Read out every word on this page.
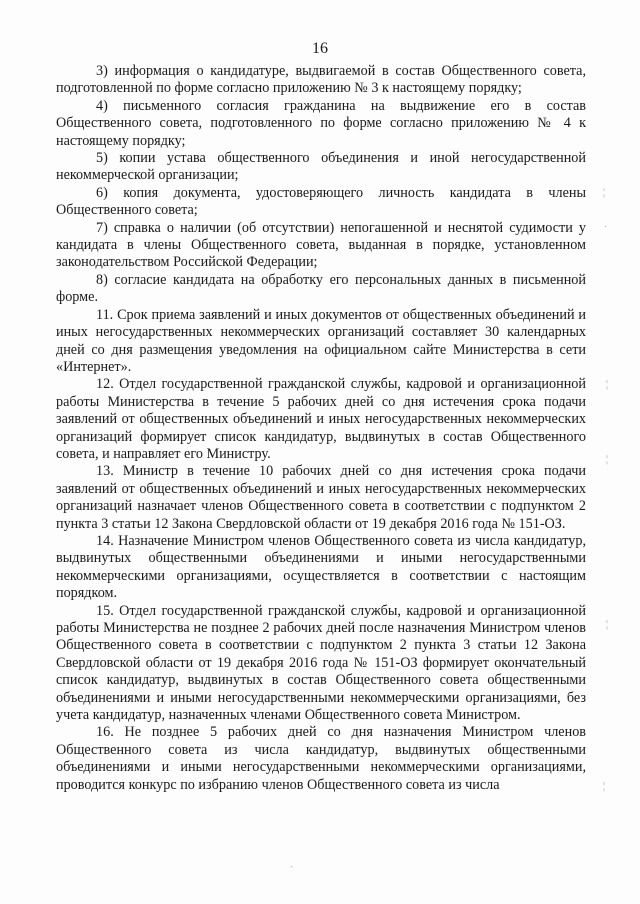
16

3) информация о кандидатуре, выдвигаемой в состав Общественного совета, подготовленной по форме согласно приложению № 3 к настоящему порядку;

4) письменного согласия гражданина на выдвижение его в состав Общественного совета, подготовленного по форме согласно приложению № 4 к настоящему порядку;

5) копии устава общественного объединения и иной негосударственной некоммерческой организации;

6) копия документа, удостоверяющего личность кандидата в члены Общественного совета;

7) справка о наличии (об отсутствии) непогашенной и неснятой судимости у кандидата в члены Общественного совета, выданная в порядке, установленном законодательством Российской Федерации;

8) согласие кандидата на обработку его персональных данных в письменной форме.

11. Срок приема заявлений и иных документов от общественных объединений и иных негосударственных некоммерческих организаций составляет 30 календарных дней со дня размещения уведомления на официальном сайте Министерства в сети «Интернет».

12. Отдел государственной гражданской службы, кадровой и организационной работы Министерства в течение 5 рабочих дней со дня истечения срока подачи заявлений от общественных объединений и иных негосударственных некоммерческих организаций формирует список кандидатур, выдвинутых в состав Общественного совета, и направляет его Министру.

13. Министр в течение 10 рабочих дней со дня истечения срока подачи заявлений от общественных объединений и иных негосударственных некоммерческих организаций назначает членов Общественного совета в соответствии с подпунктом 2 пункта 3 статьи 12 Закона Свердловской области от 19 декабря 2016 года № 151-ОЗ.

14. Назначение Министром членов Общественного совета из числа кандидатур, выдвинутых общественными объединениями и иными негосударственными некоммерческими организациями, осуществляется в соответствии с настоящим порядком.

15. Отдел государственной гражданской службы, кадровой и организационной работы Министерства не позднее 2 рабочих дней после назначения Министром членов Общественного совета в соответствии с подпунктом 2 пункта 3 статьи 12 Закона Свердловской области от 19 декабря 2016 года № 151-ОЗ формирует окончательный список кандидатур, выдвинутых в состав Общественного совета общественными объединениями и иными негосударственными некоммерческими организациями, без учета кандидатур, назначенных членами Общественного совета Министром.

16. Не позднее 5 рабочих дней со дня назначения Министром членов Общественного совета из числа кандидатур, выдвинутых общественными объединениями и иными негосударственными некоммерческими организациями, проводится конкурс по избранию членов Общественного совета из числа

¦
˙
¦
¦
¦
¦
ˏ
